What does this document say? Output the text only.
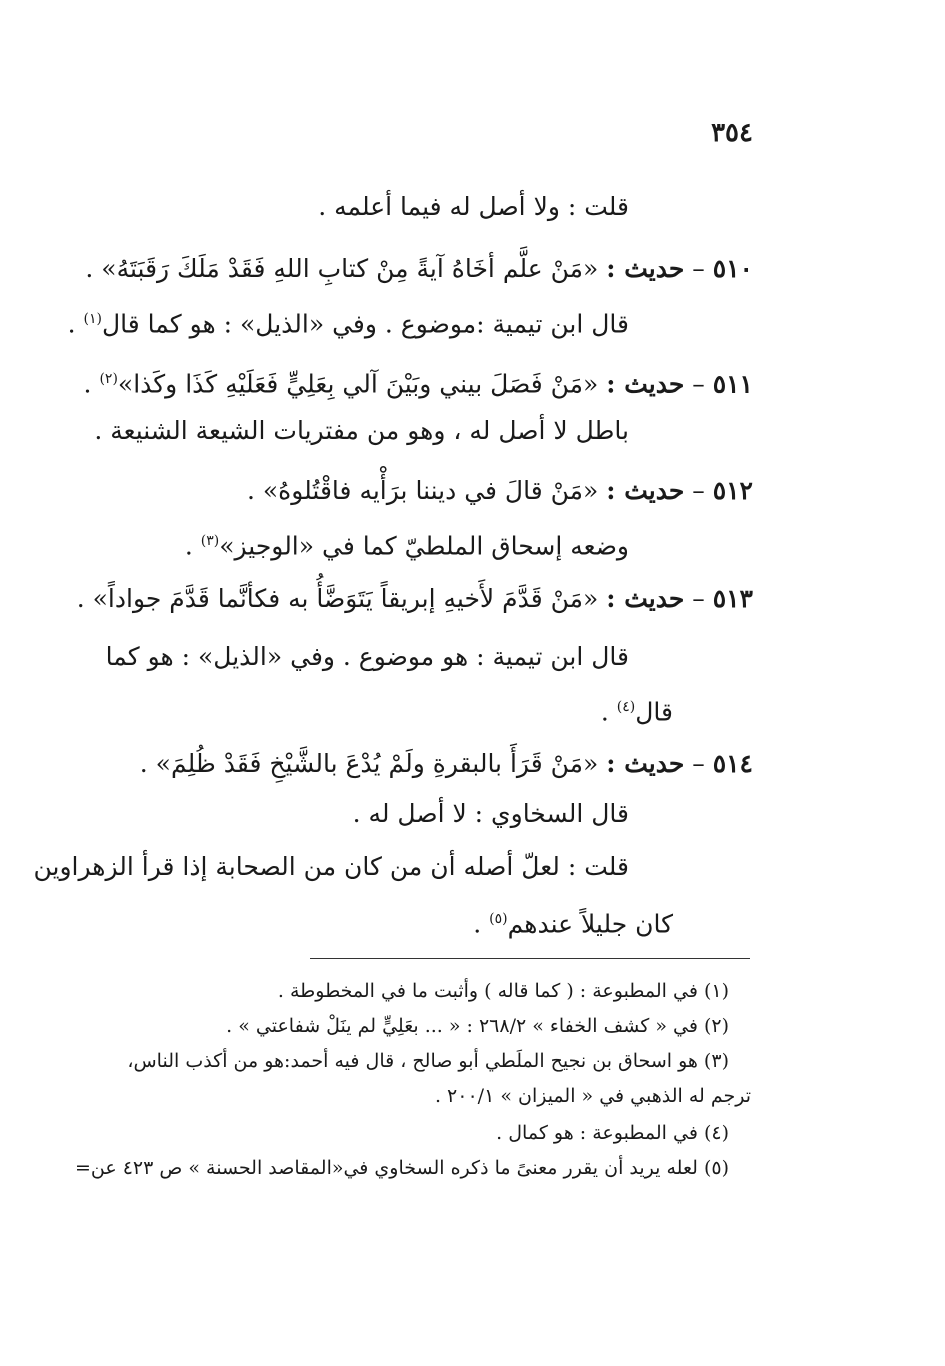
٣٥٤
قلت : ولا أصل له فيما أعلمه .
٥١٠ – حديث : «مَنْ علَّم أخَاهُ آيةً مِنْ كتابِ اللهِ فَقَدْ مَلَكَ رَقَبَتَهُ» .
قال ابن تيمية :موضوع . وفي «الذيل» : هو كما قال$^{(١)}$ .
٥١١ – حديث : «مَنْ فَصَلَ بيني وبَيْنَ آلي بِعَلِيٍّ فَعَلَيْهِ كَذَا وكَذا»$^{(٢)}$ .
باطل لا أصل له ، وهو من مفتريات الشيعة الشنيعة .
٥١٢ – حديث : «مَنْ قالَ في ديننا برَأْيه فاقْتُلوهُ» .
وضعه إسحاق الملطيّ كما في «الوجيز»$^{(٣)}$ .
٥١٣ – حديث : «مَنْ قَدَّمَ لأَخيهِ إبريقاً يَتَوَضَّأُ به فكأنَّما قَدَّمَ جواداً» .
قال ابن تيمية : هو موضوع . وفي «الذيل» : هو كما
قال$^{(٤)}$ .
٥١٤ – حديث : «مَنْ قَرَأَ بالبقرةِ ولَمْ يُدْعَ بالشَّيْخِ فَقَدْ ظُلِمَ» .
قال السخاوي : لا أصل له .
قلت : لعلّ أصله أن من كان من الصحابة إذا قرأ الزهراوين
كان جليلاً عندهم$^{(٥)}$ .
(١) في المطبوعة : ( كما قاله ) وأثبت ما في المخطوطة .
(٢) في « كشف الخفاء » ٢٦٨/٢ : « ... بعَلِيٍّ لم ينَلْ شفاعتي » .
(٣) هو اسحاق بن نجيح الملَطي أبو صالح ، قال فيه أحمد:هو من أكذب الناس،
ترجم له الذهبي في « الميزان » ٢٠٠/١ .
(٤) في المطبوعة : هو كمال .
(٥) لعله يريد أن يقرر معنىً ما ذكره السخاوي في«المقاصد الحسنة » ص ٤٢٣ عن=
